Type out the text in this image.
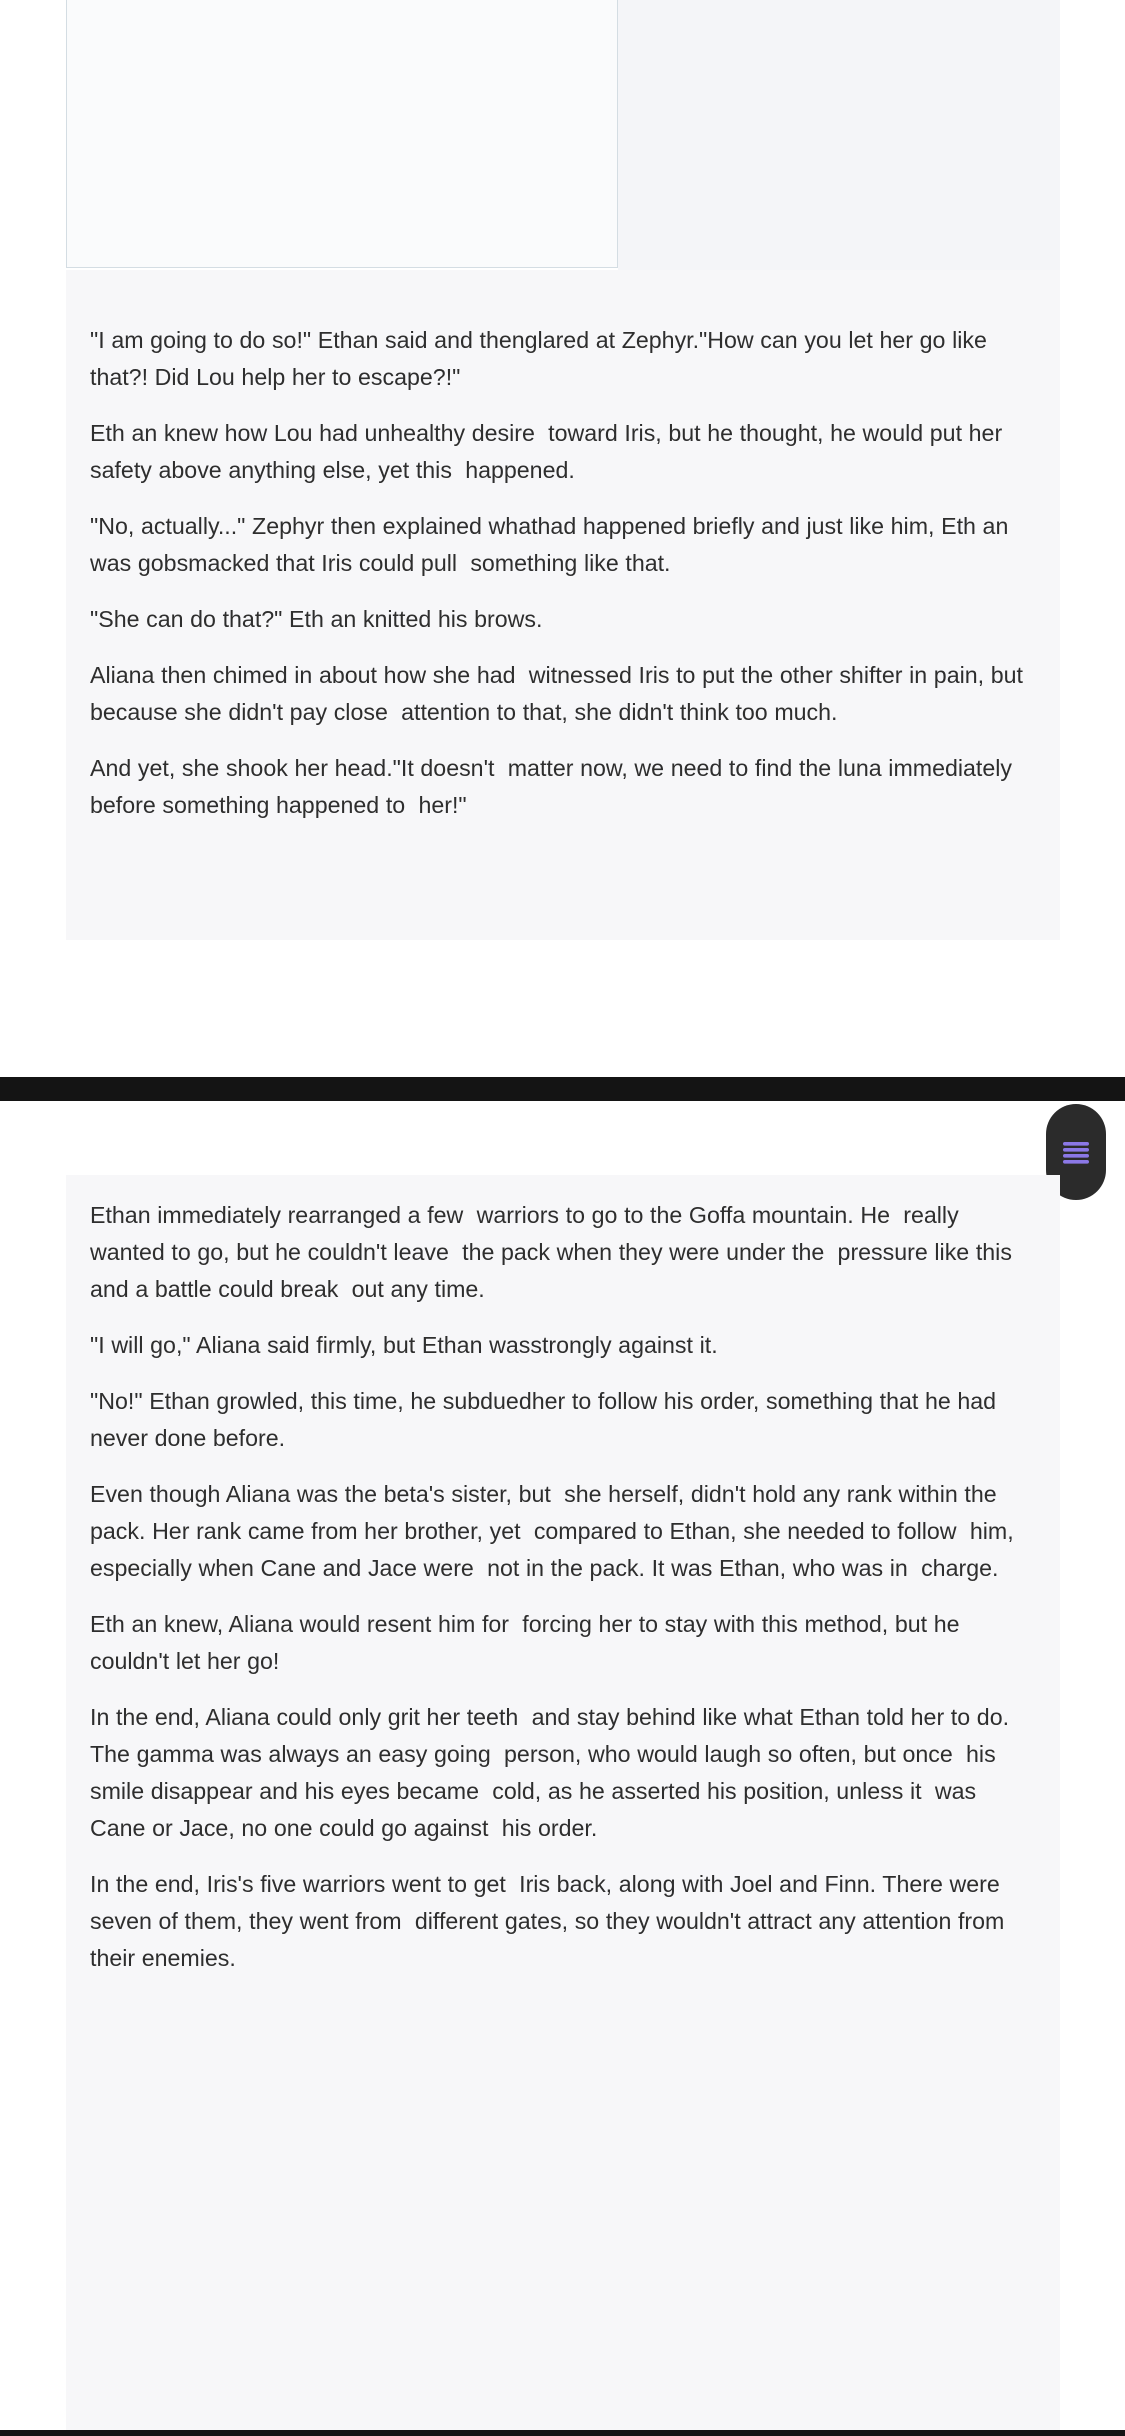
"I am going to do so!" Ethan said and thenglared at Zephyr."How can you let her go like that?! Did Lou help her to escape?!"

Eth an knew how Lou had unhealthy desire  toward Iris, but he thought, he would put her safety above anything else, yet this  happened.

"No, actually..." Zephyr then explained whathad happened briefly and just like him, Eth an was gobsmacked that Iris could pull  something like that.

"She can do that?" Eth an knitted his brows.

Aliana then chimed in about how she had  witnessed Iris to put the other shifter in pain, but because she didn't pay close  attention to that, she didn't think too much.

And yet, she shook her head."It doesn't  matter now, we need to find the luna immediately before something happened to  her!"

Ethan immediately rearranged a few  warriors to go to the Goffa mountain. He  really wanted to go, but he couldn't leave  the pack when they were under the  pressure like this and a battle could break  out any time.

"I will go," Aliana said firmly, but Ethan wasstrongly against it.

"No!" Ethan growled, this time, he subduedher to follow his order, something that he had never done before.

Even though Aliana was the beta's sister, but  she herself, didn't hold any rank within the  pack. Her rank came from her brother, yet  compared to Ethan, she needed to follow  him, especially when Cane and Jace were  not in the pack. It was Ethan, who was in  charge.

Eth an knew, Aliana would resent him for  forcing her to stay with this method, but he couldn't let her go!

In the end, Aliana could only grit her teeth  and stay behind like what Ethan told her to do. The gamma was always an easy going  person, who would laugh so often, but once  his smile disappear and his eyes became  cold, as he asserted his position, unless it  was Cane or Jace, no one could go against  his order.

In the end, Iris's five warriors went to get  Iris back, along with Joel and Finn. There were seven of them, they went from  different gates, so they wouldn't attract any attention from their enemies.
